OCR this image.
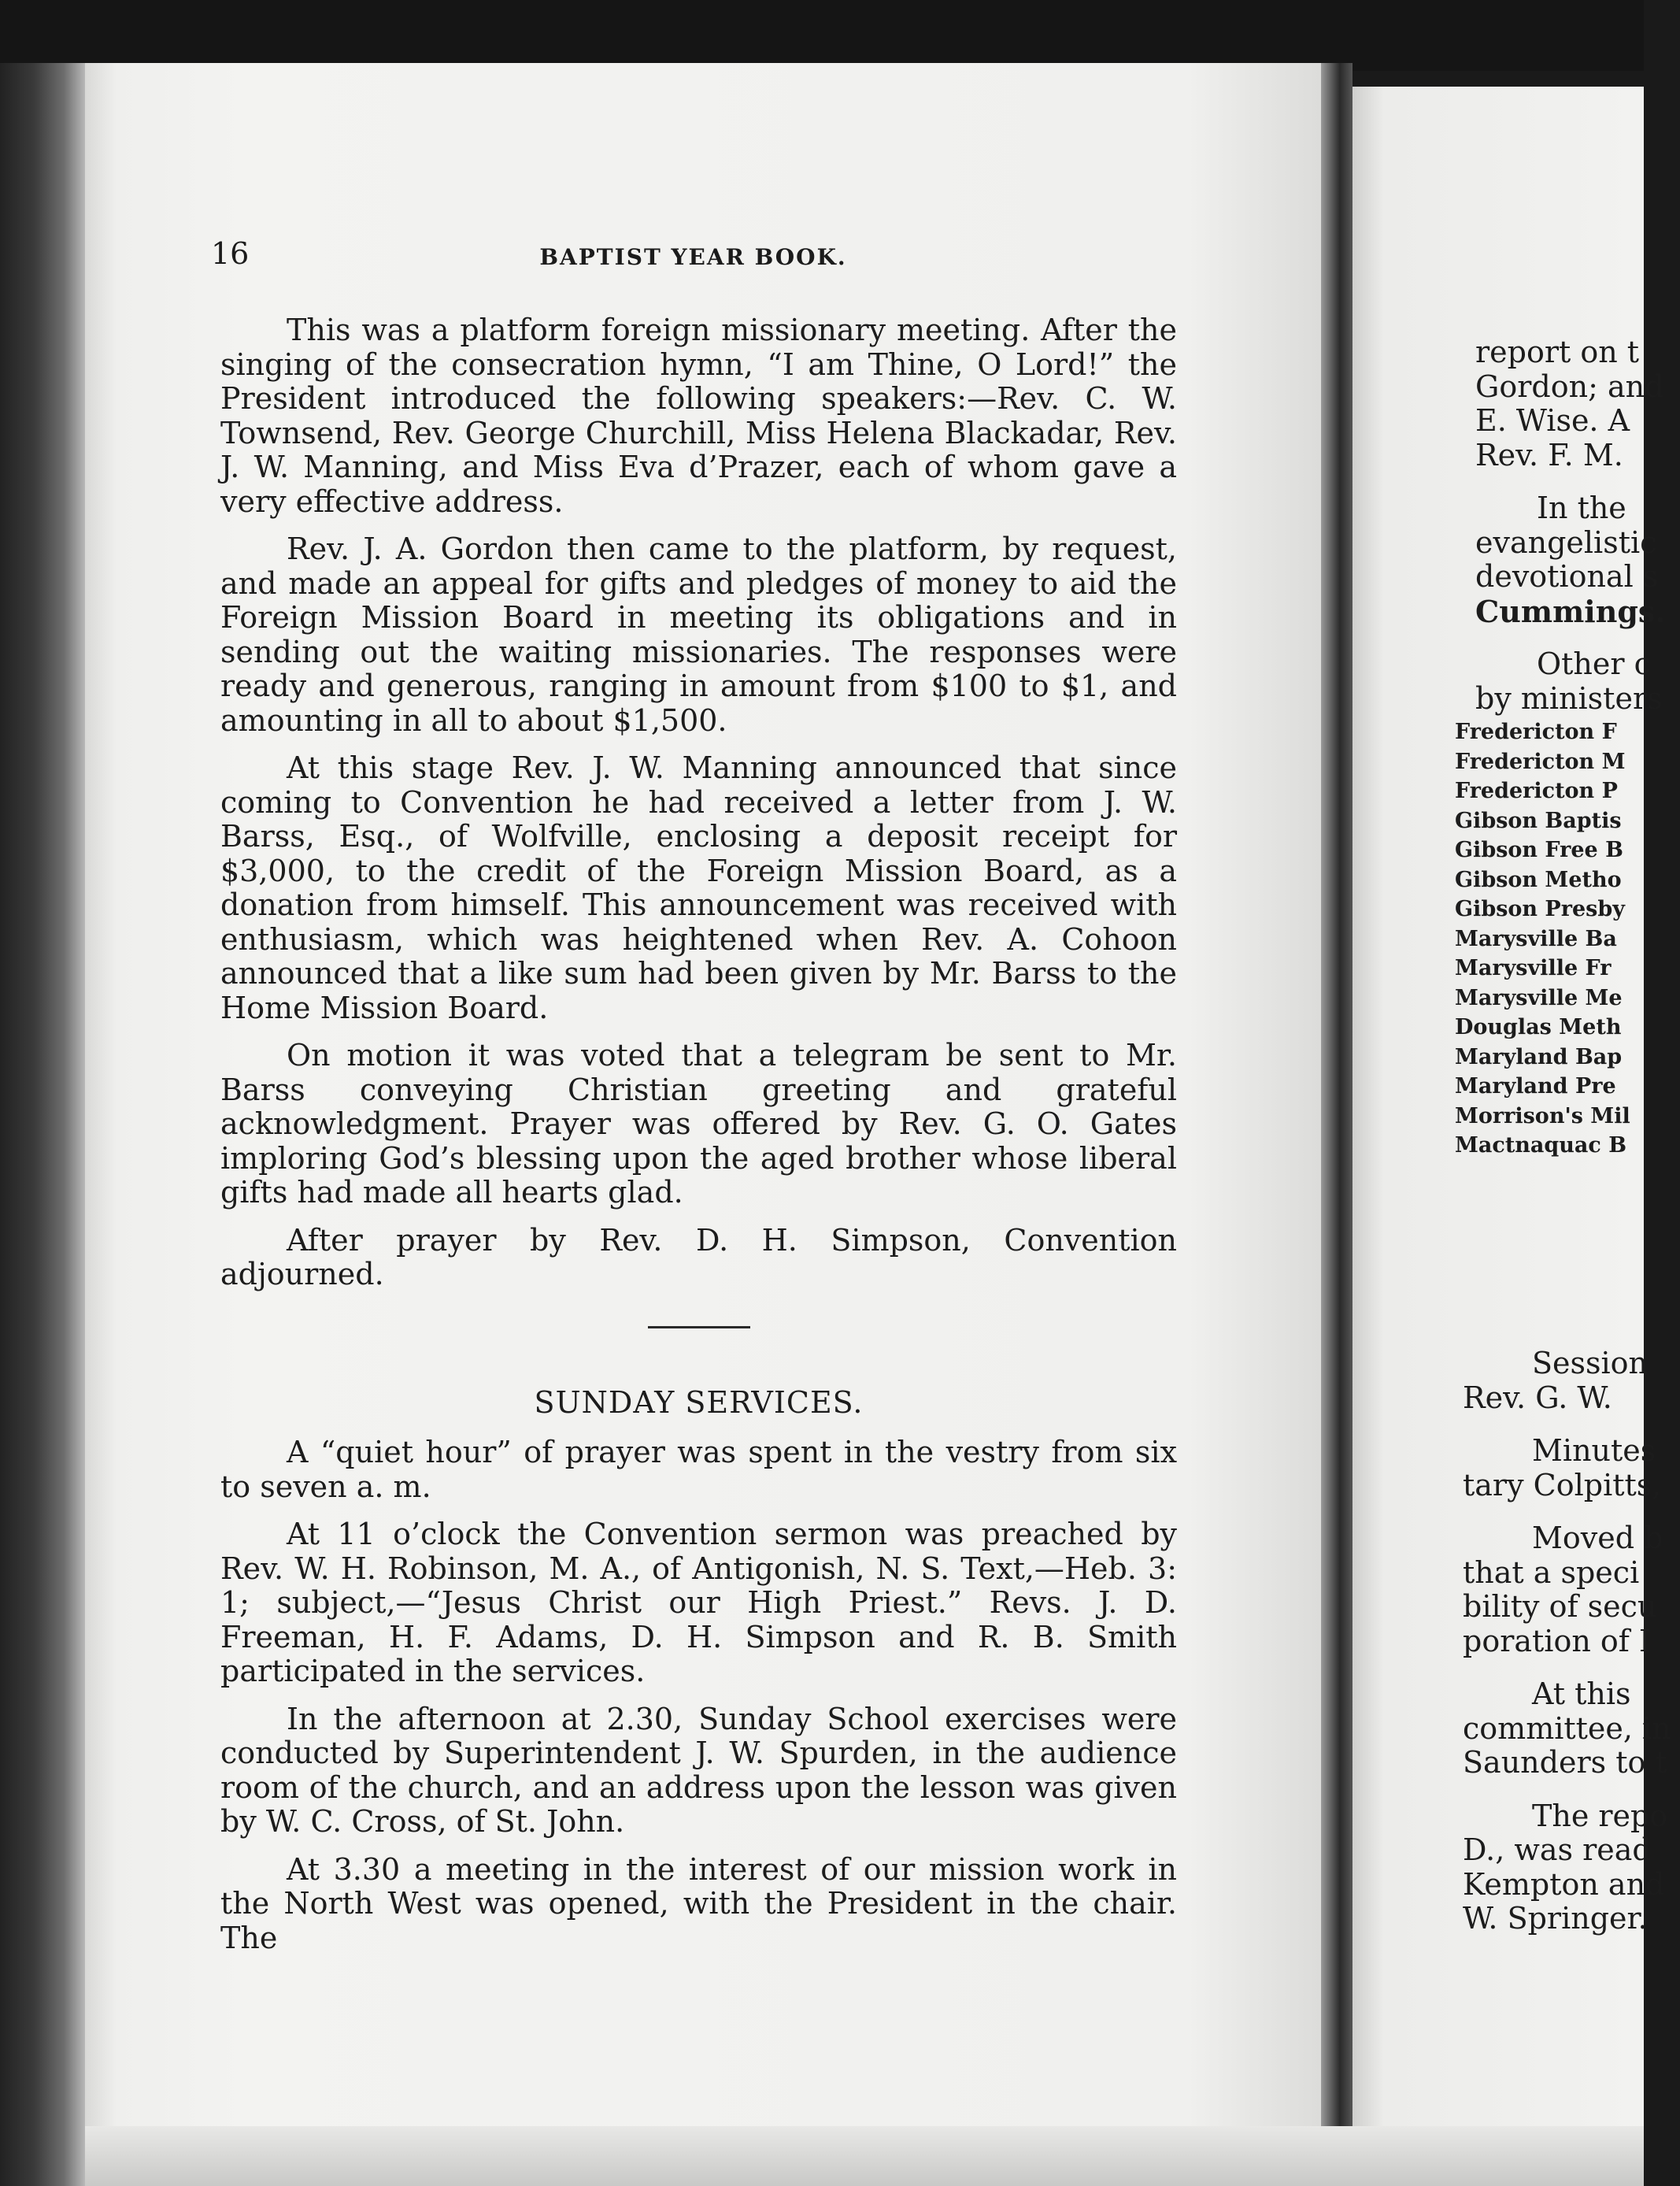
16	BAPTIST YEAR BOOK.

This was a platform foreign missionary meeting. After the singing of the consecration hymn, “I am Thine, O Lord!” the President introduced the following speakers:—Rev. C. W. Townsend, Rev. George Churchill, Miss Helena Blackadar, Rev. J. W. Manning, and Miss Eva d’Prazer, each of whom gave a very effective address.

Rev. J. A. Gordon then came to the platform, by request, and made an appeal for gifts and pledges of money to aid the Foreign Mission Board in meeting its obligations and in sending out the waiting missionaries. The responses were ready and generous, ranging in amount from $100 to $1, and amounting in all to about $1,500.

At this stage Rev. J. W. Manning announced that since coming to Convention he had received a letter from J. W. Barss, Esq., of Wolfville, enclosing a deposit receipt for $3,000, to the credit of the Foreign Mission Board, as a donation from himself. This announcement was received with enthusiasm, which was heightened when Rev. A. Cohoon announced that a like sum had been given by Mr. Barss to the Home Mission Board.

On motion it was voted that a telegram be sent to Mr. Barss conveying Christian greeting and grateful acknowledgment. Prayer was offered by Rev. G. O. Gates imploring God’s blessing upon the aged brother whose liberal gifts had made all hearts glad.

After prayer by Rev. D. H. Simpson, Convention adjourned.

SUNDAY SERVICES.

A “quiet hour” of prayer was spent in the vestry from six to seven a. m.

At 11 o’clock the Convention sermon was preached by Rev. W. H. Robinson, M. A., of Antigonish, N. S. Text,—Heb. 3: 1; subject,—“Jesus Christ our High Priest.” Revs. J. D. Freeman, H. F. Adams, D. H. Simpson and R. B. Smith participated in the services.

In the afternoon at 2.30, Sunday School exercises were conducted by Superintendent J. W. Spurden, in the audience room of the church, and an address upon the lesson was given by W. C. Cross, of St. John.

At 3.30 a meeting in the interest of our mission work in the North West was opened, with the President in the chair. The

report on t
Gordon; and
E. Wise. A
Rev. F. M.
In the
evangelistic
devotional s
Cummings.
Other c
by ministers
Fredericton F
Fredericton M
Fredericton P
Gibson Baptis
Gibson Free B
Gibson Metho
Gibson Presby
Marysville Ba
Marysville Fr
Marysville Me
Douglas Meth
Maryland Bap
Maryland Pre
Morrison's Mil
Mactnaquac B
Session
Rev. G. W.
Minutes
tary Colpitts,
Moved b
that a speci
bility of secu
poration of I
At this
committee, in
Saunders to t
The repo
D., was read
Kempton and
W. Springer.
